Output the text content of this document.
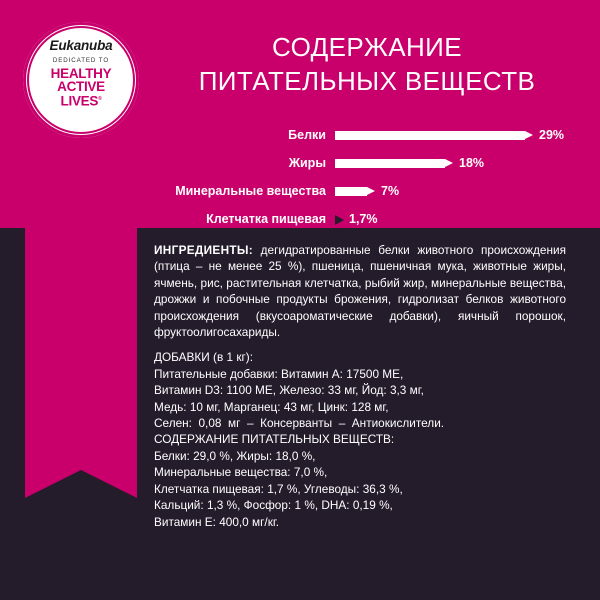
Eukanuba
DEDICATED TO
HEALTHY
ACTIVE
LIVES®
СОДЕРЖАНИЕ
ПИТАТЕЛЬНЫХ ВЕЩЕСТВ
Белки	29%
Жиры	18%
Минеральные вещества	7%
Клетчатка пищевая	1,7%

ИНГРЕДИЕНТЫ: дегидратированные белки животного происхождения (птица – не менее 25 %), пшеница, пшеничная мука, животные жиры, ячмень, рис, растительная клетчатка, рыбий жир, минеральные вещества, дрожжи и побочные продукты брожения, гидролизат белков животного происхождения (вкусоароматические добавки), яичный порошок, фруктоолигосахариды.

ДОБАВКИ (в 1 кг):

Питательные добавки: Витамин А: 17500 МЕ,

Витамин D3: 1100 МЕ, Железо: 33 мг, Йод: 3,3 мг,

Медь: 10 мг, Марганец: 43 мг, Цинк: 128 мг,

Селен:  0,08  мг  –  Консерванты  –  Антиокислители.

СОДЕРЖАНИЕ ПИТАТЕЛЬНЫХ ВЕЩЕСТВ:

Белки: 29,0 %, Жиры: 18,0 %,

Минеральные вещества: 7,0 %,

Клетчатка пищевая: 1,7 %, Углеводы: 36,3 %,

Кальций: 1,3 %, Фосфор: 1 %, DHA: 0,19 %,

Витамин Е: 400,0 мг/кг.
